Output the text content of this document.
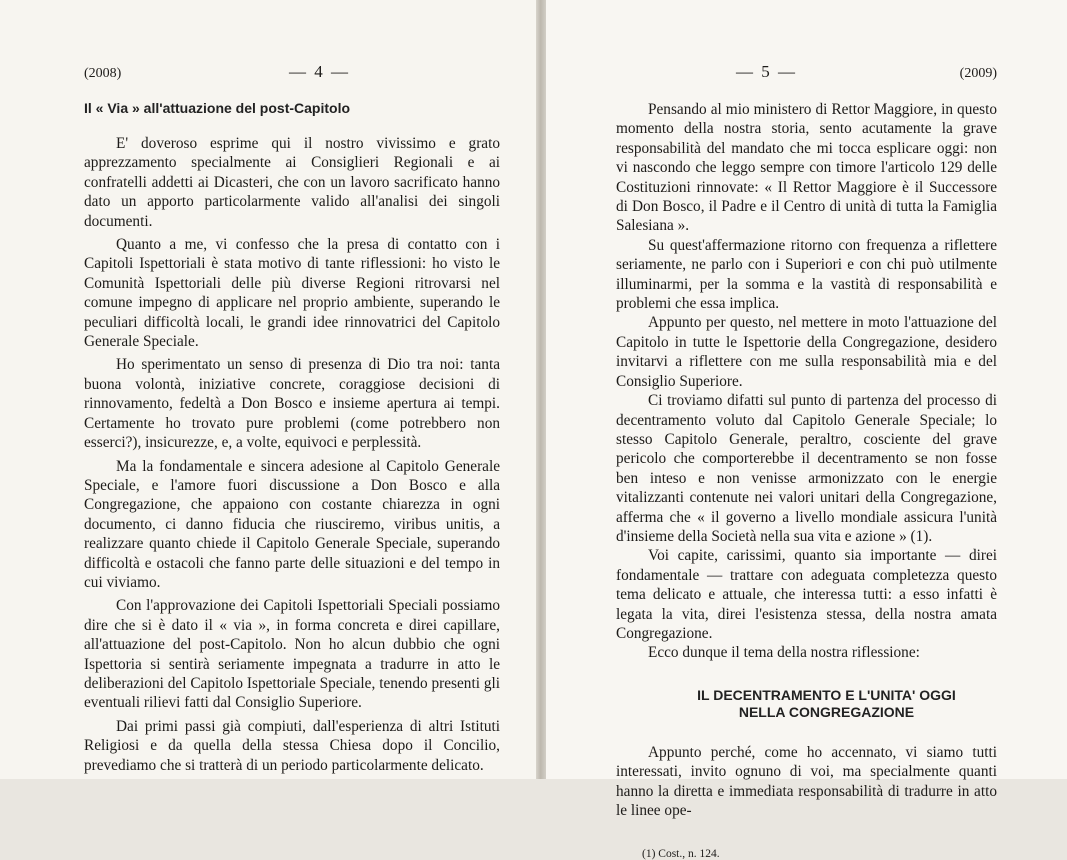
(2008)	— 4 —
Il « Via » all'attuazione del post-Capitolo

E' doveroso esprime qui il nostro vivissimo e grato apprezzamento specialmente ai Consiglieri Regionali e ai confratelli addetti ai Dicasteri, che con un lavoro sacrificato hanno dato un apporto particolarmente valido all'analisi dei singoli documenti.

Quanto a me, vi confesso che la presa di contatto con i Capitoli Ispettoriali è stata motivo di tante riflessioni: ho visto le Comunità Ispettoriali delle più diverse Regioni ritrovarsi nel comune impegno di applicare nel proprio ambiente, superando le peculiari difficoltà locali, le grandi idee rinnovatrici del Capitolo Generale Speciale.

Ho sperimentato un senso di presenza di Dio tra noi: tanta buona volontà, iniziative concrete, coraggiose decisioni di rinnovamento, fedeltà a Don Bosco e insieme apertura ai tempi. Certamente ho trovato pure problemi (come potrebbero non esserci?), insicurezze, e, a volte, equivoci e perplessità.

Ma la fondamentale e sincera adesione al Capitolo Generale Speciale, e l'amore fuori discussione a Don Bosco e alla Congregazione, che appaiono con costante chiarezza in ogni documento, ci danno fiducia che riusciremo, viribus unitis, a realizzare quanto chiede il Capitolo Generale Speciale, superando difficoltà e ostacoli che fanno parte delle situazioni e del tempo in cui viviamo.

Con l'approvazione dei Capitoli Ispettoriali Speciali possiamo dire che si è dato il « via », in forma concreta e direi capillare, all'attuazione del post-Capitolo. Non ho alcun dubbio che ogni Ispettoria si sentirà seriamente impegnata a tradurre in atto le deliberazioni del Capitolo Ispettoriale Speciale, tenendo presenti gli eventuali rilievi fatti dal Consiglio Superiore.

Dai primi passi già compiuti, dall'esperienza di altri Istituti Religiosi e da quella della stessa Chiesa dopo il Concilio, prevediamo che si tratterà di un periodo particolarmente delicato.

— 5 —	(2009)

Pensando al mio ministero di Rettor Maggiore, in questo momento della nostra storia, sento acutamente la grave responsabilità del mandato che mi tocca esplicare oggi: non vi nascondo che leggo sempre con timore l'articolo 129 delle Costituzioni rinnovate: « Il Rettor Maggiore è il Successore di Don Bosco, il Padre e il Centro di unità di tutta la Famiglia Salesiana ».

Su quest'affermazione ritorno con frequenza a riflettere seriamente, ne parlo con i Superiori e con chi può utilmente illuminarmi, per la somma e la vastità di responsabilità e problemi che essa implica.

Appunto per questo, nel mettere in moto l'attuazione del Capitolo in tutte le Ispettorie della Congregazione, desidero invitarvi a riflettere con me sulla responsabilità mia e del Consiglio Superiore.

Ci troviamo difatti sul punto di partenza del processo di decentramento voluto dal Capitolo Generale Speciale; lo stesso Capitolo Generale, peraltro, cosciente del grave pericolo che comporterebbe il decentramento se non fosse ben inteso e non venisse armonizzato con le energie vitalizzanti contenute nei valori unitari della Congregazione, afferma che « il governo a livello mondiale assicura l'unità d'insieme della Società nella sua vita e azione » (1).

Voi capite, carissimi, quanto sia importante — direi fondamentale — trattare con adeguata completezza questo tema delicato e attuale, che interessa tutti: a esso infatti è legata la vita, direi l'esistenza stessa, della nostra amata Congregazione.

Ecco dunque il tema della nostra riflessione:

IL DECENTRAMENTO E L'UNITA' OGGI
NELLA CONGREGAZIONE

Appunto perché, come ho accennato, vi siamo tutti interessati, invito ognuno di voi, ma specialmente quanti hanno la diretta e immediata responsabilità di tradurre in atto le linee ope-

(1) Cost., n. 124.
